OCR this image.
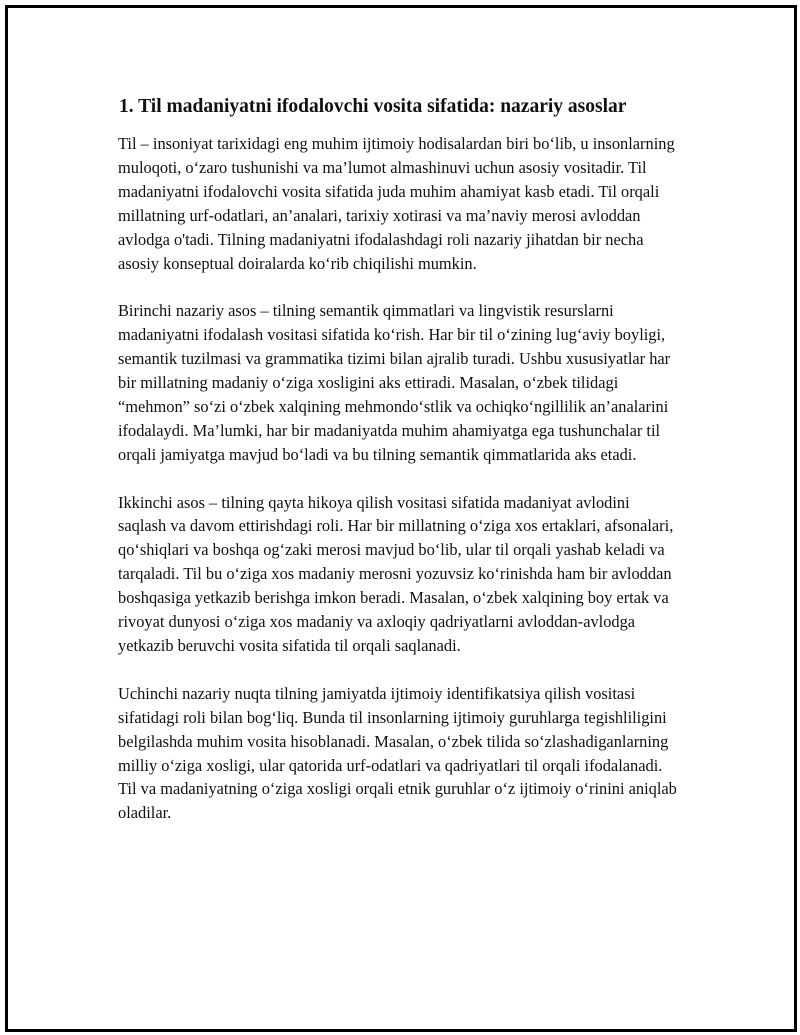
1. Til madaniyatni ifodalovchi vosita sifatida: nazariy asoslar

Til – insoniyat tarixidagi eng muhim ijtimoiy hodisalardan biri bo‘lib, u insonlarning muloqoti, o‘zaro tushunishi va ma’lumot almashinuvi uchun asosiy vositadir. Til madaniyatni ifodalovchi vosita sifatida juda muhim ahamiyat kasb etadi. Til orqali millatning urf-odatlari, an’analari, tarixiy xotirasi va ma’naviy merosi avloddan avlodga o'tadi. Tilning madaniyatni ifodalashdagi roli nazariy jihatdan bir necha asosiy konseptual doiralarda ko‘rib chiqilishi mumkin.

Birinchi nazariy asos – tilning semantik qimmatlari va lingvistik resurslarni madaniyatni ifodalash vositasi sifatida ko‘rish. Har bir til o‘zining lug‘aviy boyligi, semantik tuzilmasi va grammatika tizimi bilan ajralib turadi. Ushbu xususiyatlar har bir millatning madaniy o‘ziga xosligini aks ettiradi. Masalan, o‘zbek tilidagi “mehmon” so‘zi o‘zbek xalqining mehmondo‘stlik va ochiqko‘ngillilik an’analarini ifodalaydi. Ma’lumki, har bir madaniyatda muhim ahamiyatga ega tushunchalar til orqali jamiyatga mavjud bo‘ladi va bu tilning semantik qimmatlarida aks etadi.

Ikkinchi asos – tilning qayta hikoya qilish vositasi sifatida madaniyat avlodini saqlash va davom ettirishdagi roli. Har bir millatning o‘ziga xos ertaklari, afsonalari, qo‘shiqlari va boshqa og‘zaki merosi mavjud bo‘lib, ular til orqali yashab keladi va tarqaladi. Til bu o‘ziga xos madaniy merosni yozuvsiz ko‘rinishda ham bir avloddan boshqasiga yetkazib berishga imkon beradi. Masalan, o‘zbek xalqining boy ertak va rivoyat dunyosi o‘ziga xos madaniy va axloqiy qadriyatlarni avloddan-avlodga yetkazib beruvchi vosita sifatida til orqali saqlanadi.

Uchinchi nazariy nuqta tilning jamiyatda ijtimoiy identifikatsiya qilish vositasi sifatidagi roli bilan bog‘liq. Bunda til insonlarning ijtimoiy guruhlarga tegishliligini belgilashda muhim vosita hisoblanadi. Masalan, o‘zbek tilida so‘zlashadiganlarning milliy o‘ziga xosligi, ular qatorida urf-odatlari va qadriyatlari til orqali ifodalanadi. Til va madaniyatning o‘ziga xosligi orqali etnik guruhlar o‘z ijtimoiy o‘rinini aniqlab oladilar.
